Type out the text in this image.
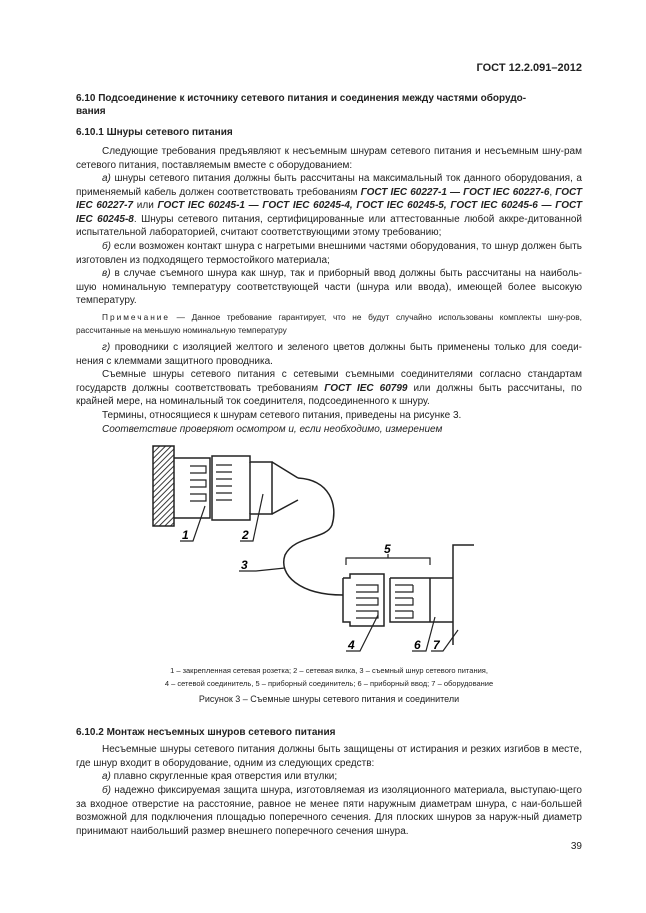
ГОСТ 12.2.091–2012
6.10 Подсоединение к источнику сетевого питания и соединения между частями оборудо-
вания
6.10.1 Шнуры сетевого питания
Следующие требования предъявляют к несъемным шнурам сетевого питания и несъемным шну-рам сетевого питания, поставляемым вместе с оборудованием:
а) шнуры сетевого питания должны быть рассчитаны на максимальный ток данного оборудования, а применяемый кабель должен соответствовать требованиям ГОСТ IEC 60227-1 — ГОСТ IEC 60227-6, ГОСТ IEC 60227-7 или ГОСТ IEC 60245-1 — ГОСТ IEC 60245-4, ГОСТ IEC 60245-5, ГОСТ IEC 60245-6 — ГОСТ IEC 60245-8. Шнуры сетевого питания, сертифицированные или аттестованные любой аккре-дитованной испытательной лабораторией, считают соответствующими этому требованию;
б) если возможен контакт шнура с нагретыми внешними частями оборудования, то шнур должен быть изготовлен из подходящего термостойкого материала;
в) в случае съемного шнура как шнур, так и приборный ввод должны быть рассчитаны на наиболь-шую номинальную температуру соответствующей части (шнура или ввода), имеющей более высокую температуру.
Примечание — Данное требование гарантирует, что не будут случайно использованы комплекты шну-ров, рассчитанные на меньшую номинальную температуру
г) проводники с изоляцией желтого и зеленого цветов должны быть применены только для соеди-нения с клеммами защитного проводника.
Съемные шнуры сетевого питания с сетевыми съемными соединителями согласно стандартам государств должны соответствовать требованиям ГОСТ IEC 60799 или должны быть рассчитаны, по крайней мере, на номинальный ток соединителя, подсоединенного к шнуру.
Термины, относящиеся к шнурам сетевого питания, приведены на рисунке 3.
Соответствие проверяют осмотром и, если необходимо, измерением
1	2
3
4
5
6 7
1 – закрепленная сетевая розетка; 2 – сетевая вилка, 3 – съемный шнур сетевого питания,
4 – сетевой соединитель, 5 – приборный соединитель; 6 – приборный ввод; 7 – оборудование
Рисунок 3 – Съемные шнуры сетевого питания и соединители
6.10.2 Монтаж несъемных шнуров сетевого питания
Несъемные шнуры сетевого питания должны быть защищены от истирания и резких изгибов в месте, где шнур входит в оборудование, одним из следующих средств:
а) плавно скругленные края отверстия или втулки;
б) надежно фиксируемая защита шнура, изготовляемая из изоляционного материала, выступаю-щего за входное отверстие на расстояние, равное не менее пяти наружным диаметрам шнура, с наи-большей возможной для подключения площадью поперечного сечения. Для плоских шнуров за наруж-ный диаметр принимают наибольший размер внешнего поперечного сечения шнура.
39
